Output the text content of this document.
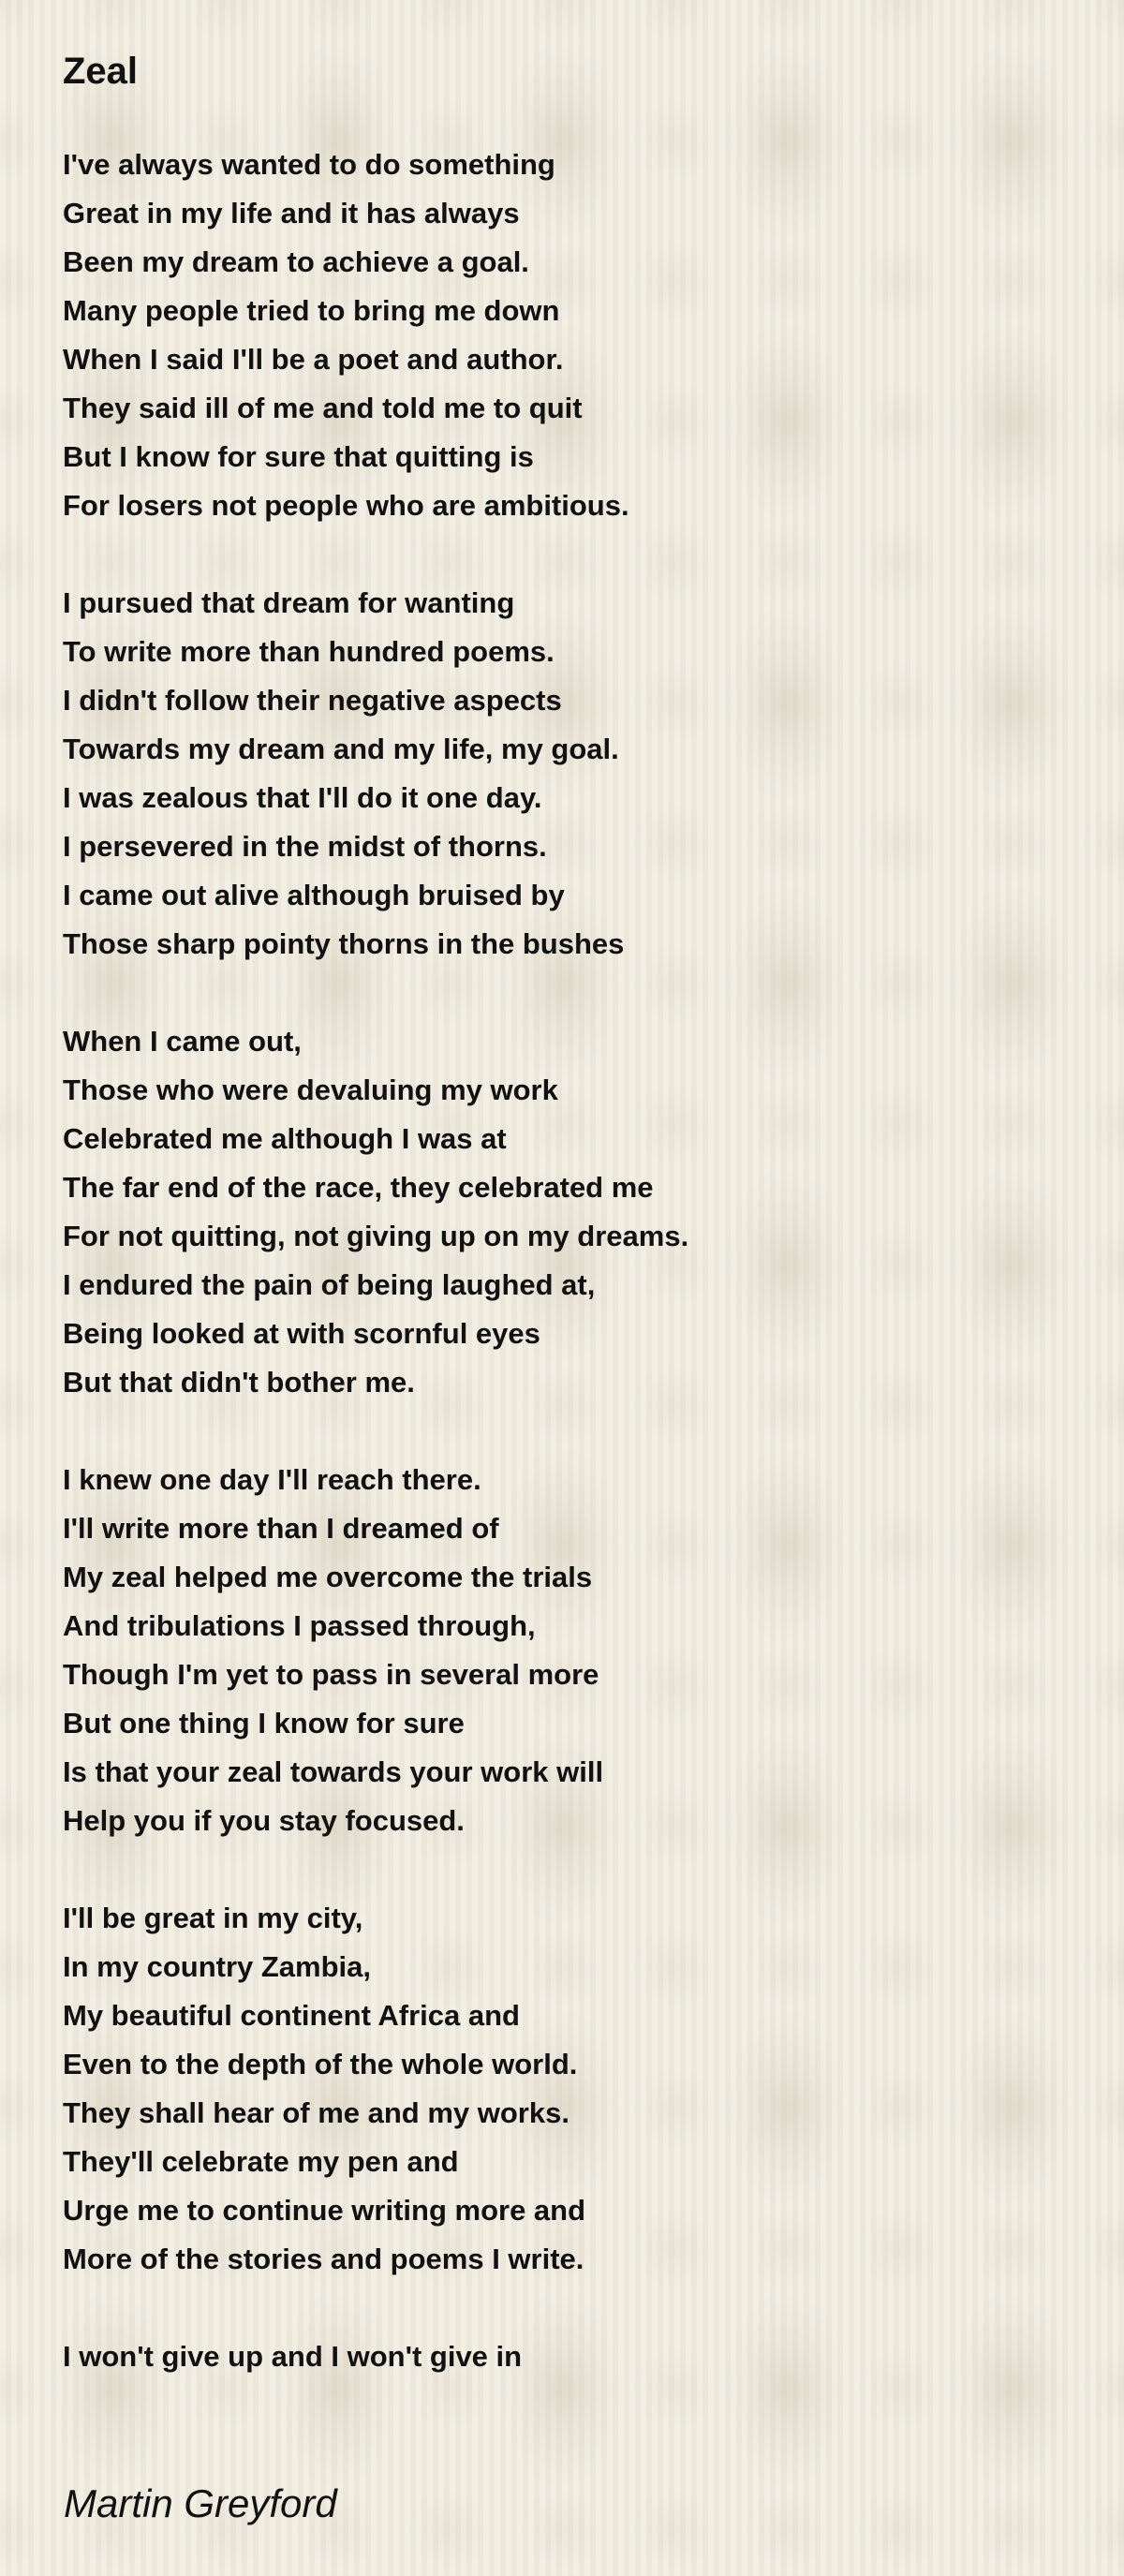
Zeal
I've always wanted to do something
Great in my life and it has always
Been my dream to achieve a goal.
Many people tried to bring me down
When I said I'll be a poet and author.
They said ill of me and told me to quit
But I know for sure that quitting is
For losers not people who are ambitious.
I pursued that dream for wanting
To write more than hundred poems.
I didn't follow their negative aspects
Towards my dream and my life, my goal.
I was zealous that I'll do it one day.
I persevered in the midst of thorns.
I came out alive although bruised by
Those sharp pointy thorns in the bushes
When I came out,
Those who were devaluing my work
Celebrated me although I was at
The far end of the race, they celebrated me
For not quitting, not giving up on my dreams.
I endured the pain of being laughed at,
Being looked at with scornful eyes
But that didn't bother me.
I knew one day I'll reach there.
I'll write more than I dreamed of
My zeal helped me overcome the trials
And tribulations I passed through,
Though I'm yet to pass in several more
But one thing I know for sure
Is that your zeal towards your work will
Help you if you stay focused.
I'll be great in my city,
In my country Zambia,
My beautiful continent Africa and
Even to the depth of the whole world.
They shall hear of me and my works.
They'll celebrate my pen and
Urge me to continue writing more and
More of the stories and poems I write.
I won't give up and I won't give in

Martin Greyford
